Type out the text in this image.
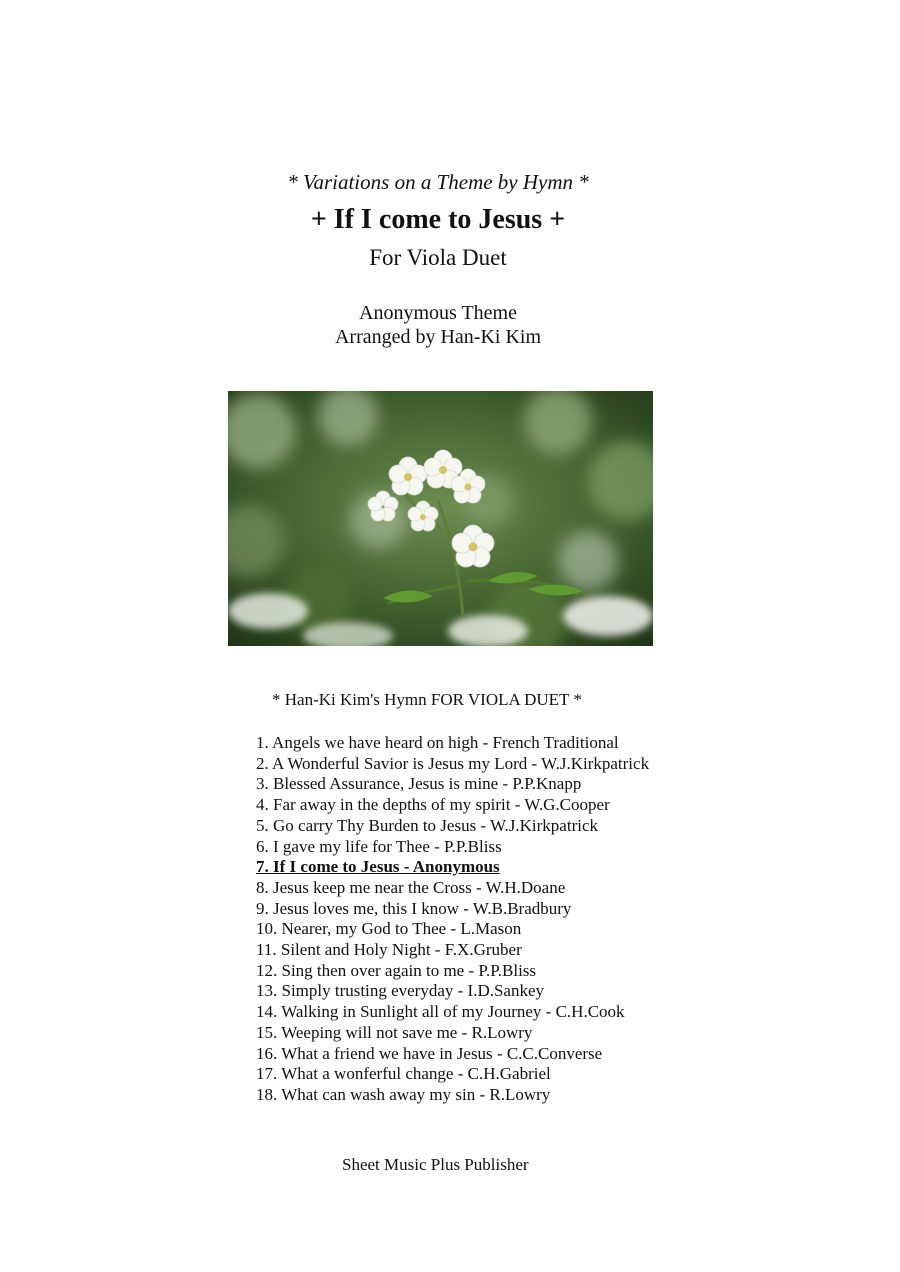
* Variations on a Theme by Hymn *
+ If I come to Jesus +
For Viola Duet
Anonymous Theme
Arranged by Han-Ki Kim
* Han-Ki Kim's Hymn FOR VIOLA DUET *
1. Angels we have heard on high - French Traditional
2. A Wonderful Savior is Jesus my Lord - W.J.Kirkpatrick
3. Blessed Assurance, Jesus is mine - P.P.Knapp
4. Far away in the depths of my spirit - W.G.Cooper
5. Go carry Thy Burden to Jesus - W.J.Kirkpatrick
6. I gave my life for Thee - P.P.Bliss
7. If I come to Jesus - Anonymous
8. Jesus keep me near the Cross - W.H.Doane
9. Jesus loves me, this I know - W.B.Bradbury
10. Nearer, my God to Thee - L.Mason
11. Silent and Holy Night - F.X.Gruber
12. Sing then over again to me - P.P.Bliss
13. Simply trusting everyday - I.D.Sankey
14. Walking in Sunlight all of my Journey - C.H.Cook
15. Weeping will not save me - R.Lowry
16. What a friend we have in Jesus - C.C.Converse
17. What a wonferful change - C.H.Gabriel
18. What can wash away my sin - R.Lowry
Sheet Music Plus Publisher
